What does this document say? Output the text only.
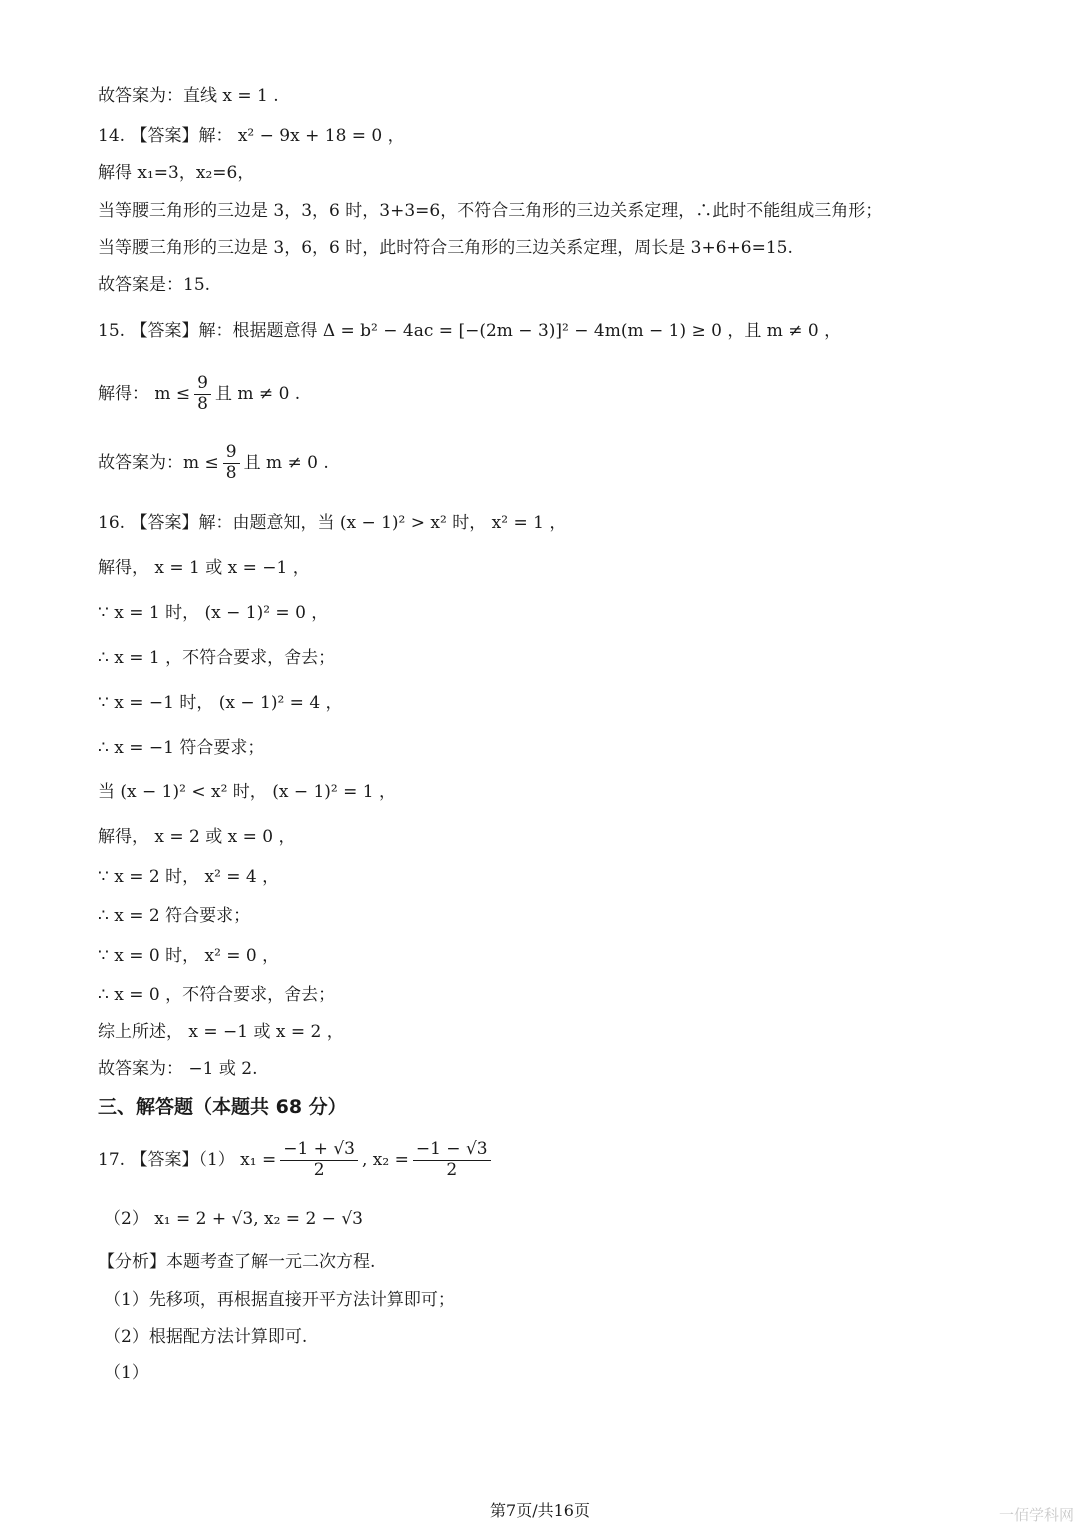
故答案为：直线 x = 1 .
14. 【答案】解： x² − 9x + 18 = 0 ，
解得 x₁=3，x₂=6，
当等腰三角形的三边是 3，3，6 时，3+3=6，不符合三角形的三边关系定理，∴此时不能组成三角形；
当等腰三角形的三边是 3，6，6 时，此时符合三角形的三边关系定理，周长是 3+6+6=15.
故答案是：15.
15. 【答案】解：根据题意得 Δ = b² − 4ac = [−(2m − 3)]² − 4m(m − 1) ≥ 0 ，且 m ≠ 0 ，
解得： $m \le \frac{9}{8}$ 且 m ≠ 0 .
故答案为：$m \le \frac{9}{8}$ 且 m ≠ 0 .
16. 【答案】解：由题意知，当 (x − 1)² > x² 时， x² = 1 ，
解得， x = 1 或 x = −1 ，
∵ x = 1 时， (x − 1)² = 0 ，
∴ x = 1 ，不符合要求，舍去；
∵ x = −1 时， (x − 1)² = 4 ，
∴ x = −1 符合要求；
当 (x − 1)² < x² 时， (x − 1)² = 1 ，
解得， x = 2 或 x = 0 ，
∵ x = 2 时， x² = 4 ，
∴ x = 2 符合要求；
∵ x = 0 时， x² = 0 ，
∴ x = 0 ，不符合要求，舍去；
综上所述， x = −1 或 x = 2 ，
故答案为： −1 或 2.
三、解答题（本题共 68 分）
17. 【答案】（1） $x_1 = \frac{-1 + √3}{2}$ , $x_2 = \frac{-1 - √3}{2}$
（2） x₁ = 2 + √3, x₂ = 2 − √3
【分析】本题考查了解一元二次方程.
（1）先移项，再根据直接开平方法计算即可；
（2）根据配方法计算即可.
（1）
第7页/共16页	一佰学科网
